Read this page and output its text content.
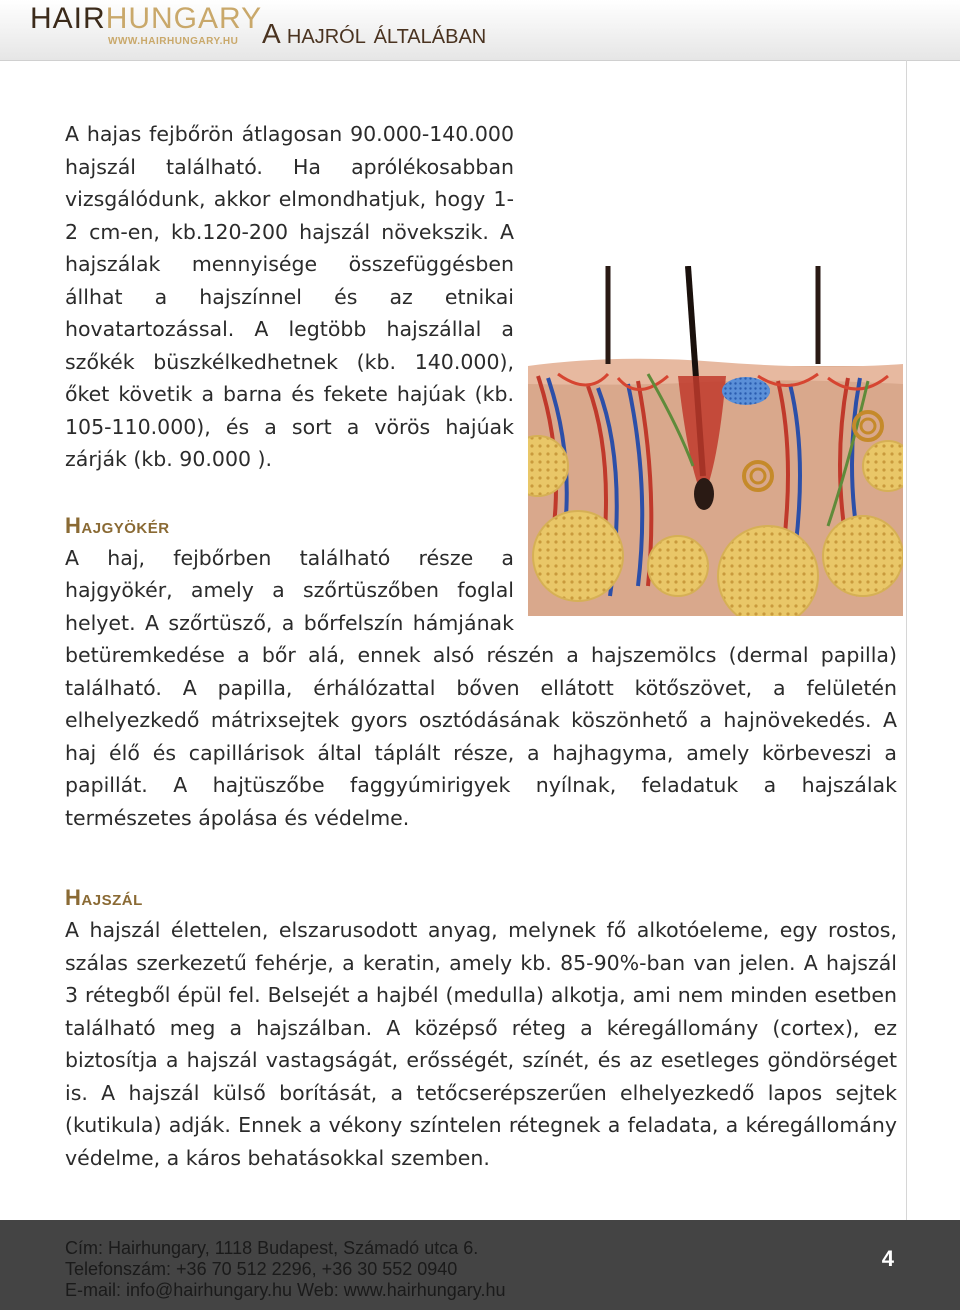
HAIRHUNGARY
WWW.HAIRHUNGARY.HU A hajról általában

A hajas fejbőrön átlagosan 90.000-140.000 hajszál található. Ha aprólékosabban vizsgálódunk, akkor elmondhatjuk, hogy 1-2 cm-en, kb.120-200 hajszál növekszik. A hajszálak mennyisége összefüggésben állhat a hajszínnel és az etnikai hovatartozással. A legtöbb hajszállal a szőkék büszkélkedhetnek (kb. 140.000), őket követik a barna és fekete hajúak (kb. 105-110.000), és a sort a vörös hajúak zárják (kb. 90.000 ).

Hajgyökér

A haj, fejbőrben található része a hajgyökér, amely a szőrtüszőben foglal helyet. A szőrtüsző, a bőrfelszín hámjának betüremkedése a bőr alá, ennek alsó részén a hajszemölcs (dermal papilla) található. A papilla, érhálózattal bőven ellátott kötőszövet, a felületén elhelyezkedő mátrixsejtek gyors osztódásának köszönhető a hajnövekedés. A haj élő és capillárisok által táplált része, a hajhagyma, amely körbeveszi a papillát. A hajtüszőbe faggyúmirigyek nyílnak, feladatuk a hajszálak természetes ápolása és védelme.

Hajszál

A hajszál élettelen, elszarusodott anyag, melynek fő alkotóeleme, egy rostos, szálas szerkezetű fehérje, a keratin, amely kb. 85-90%-ban van jelen. A hajszál 3 rétegből épül fel. Belsejét a hajbél (medulla) alkotja, ami nem minden esetben található meg a hajszálban. A középső réteg a kéregállomány (cortex), ez biztosítja a hajszál vastagságát, erősségét, színét, és az esetleges göndörséget is. A hajszál külső borítását, a tetőcserépszerűen elhelyezkedő lapos sejtek (kutikula) adják. Ennek a vékony színtelen rétegnek a feladata, a kéregállomány védelme, a káros behatásokkal szemben.

Cím: Hairhungary, 1118 Budapest, Számadó utca 6.
Telefonszám: +36 70 512 2296, +36 30 552 0940
E-mail: info@hairhungary.hu Web: www.hairhungary.hu
4
